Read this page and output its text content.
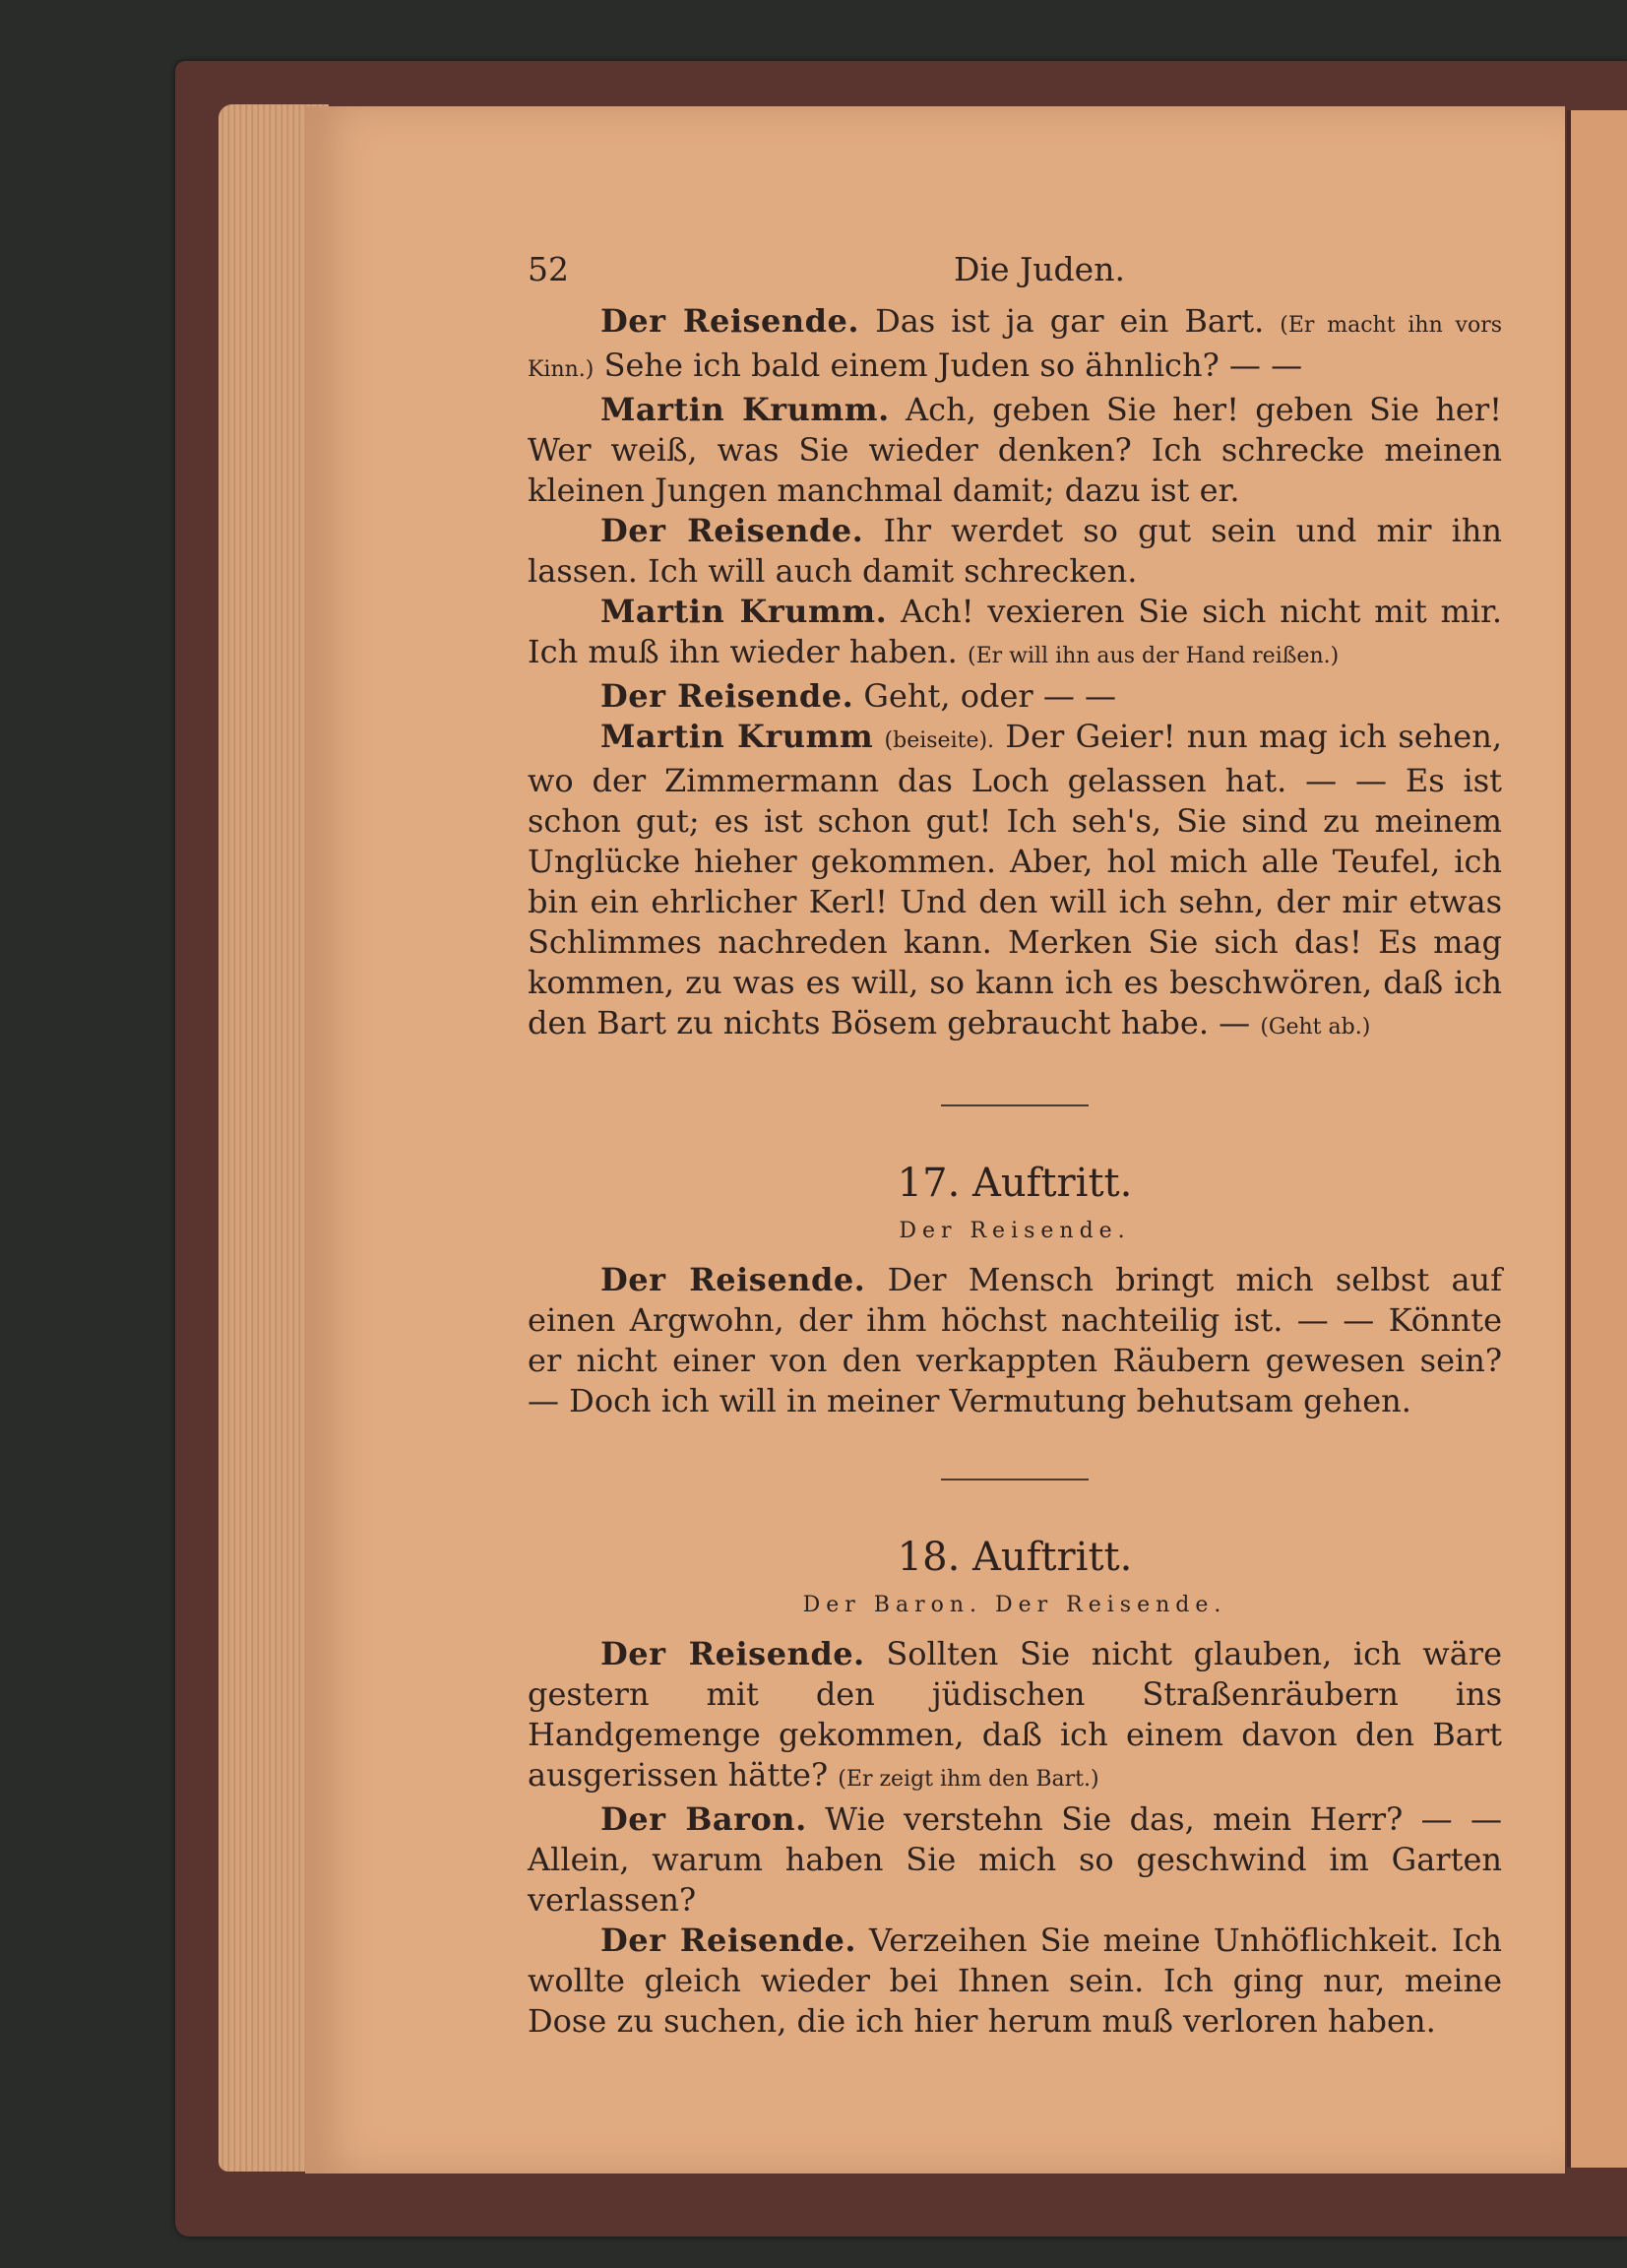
52	Die Juden.

Der Reisende. Das ist ja gar ein Bart. (Er macht ihn vors Kinn.) Sehe ich bald einem Juden so ähnlich? — —

Martin Krumm. Ach, geben Sie her! geben Sie her! Wer weiß, was Sie wieder denken? Ich schrecke meinen kleinen Jungen manchmal damit; dazu ist er.

Der Reisende. Ihr werdet so gut sein und mir ihn lassen. Ich will auch damit schrecken.

Martin Krumm. Ach! vexieren Sie sich nicht mit mir. Ich muß ihn wieder haben. (Er will ihn aus der Hand reißen.)

Der Reisende. Geht, oder — —

Martin Krumm (beiseite). Der Geier! nun mag ich sehen, wo der Zimmermann das Loch gelassen hat. — — Es ist schon gut; es ist schon gut! Ich seh's, Sie sind zu meinem Unglücke hieher gekommen. Aber, hol mich alle Teufel, ich bin ein ehrlicher Kerl! Und den will ich sehn, der mir etwas Schlimmes nachreden kann. Merken Sie sich das! Es mag kommen, zu was es will, so kann ich es beschwören, daß ich den Bart zu nichts Bösem gebraucht habe. — (Geht ab.)

17. Auftritt.

Der Reisende.

Der Reisende. Der Mensch bringt mich selbst auf einen Argwohn, der ihm höchst nachteilig ist. — — Könnte er nicht einer von den verkappten Räubern gewesen sein? — Doch ich will in meiner Vermutung behutsam gehen.

18. Auftritt.

Der Baron. Der Reisende.

Der Reisende. Sollten Sie nicht glauben, ich wäre gestern mit den jüdischen Straßenräubern ins Handgemenge gekommen, daß ich einem davon den Bart ausgerissen hätte? (Er zeigt ihm den Bart.)

Der Baron. Wie verstehn Sie das, mein Herr? — — Allein, warum haben Sie mich so geschwind im Garten verlassen?

Der Reisende. Verzeihen Sie meine Unhöflichkeit. Ich wollte gleich wieder bei Ihnen sein. Ich ging nur, meine Dose zu suchen, die ich hier herum muß verloren haben.
